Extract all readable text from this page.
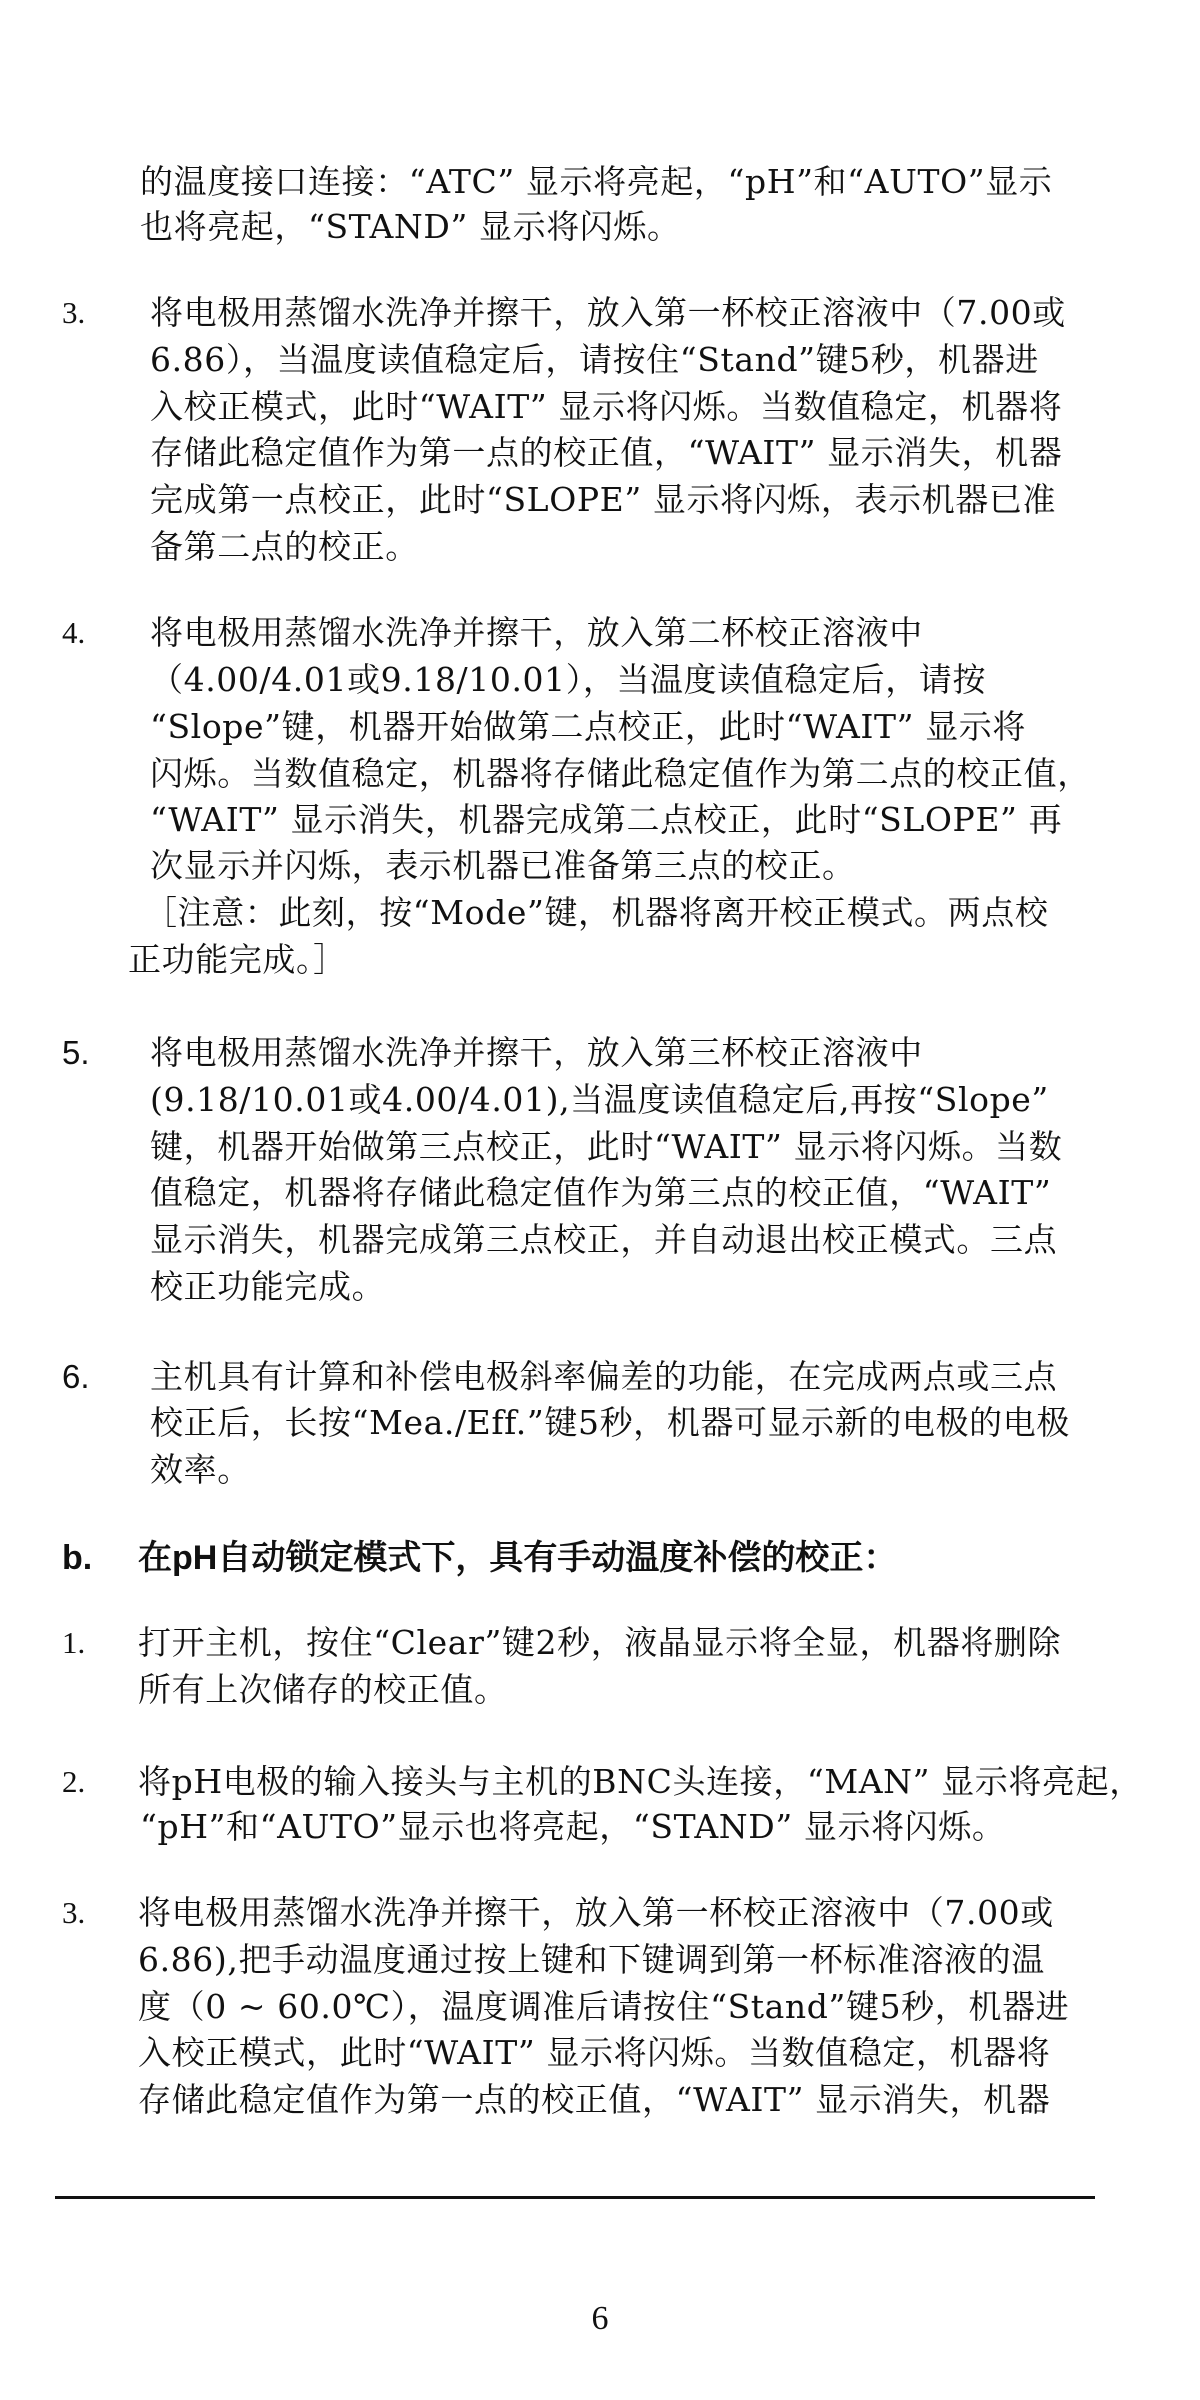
的温度接口连接：“ATC” 显示将亮起，“pH”和“AUTO”显示
也将亮起，“STAND” 显示将闪烁。
3. 将电极用蒸馏水洗净并擦干，放入第一杯校正溶液中（7.00或
6.86），当温度读值稳定后，请按住“Stand”键5秒，机器进
入校正模式，此时“WAIT” 显示将闪烁。当数值稳定，机器将
存储此稳定值作为第一点的校正值，“WAIT” 显示消失，机器
完成第一点校正，此时“SLOPE” 显示将闪烁，表示机器已准
备第二点的校正。
4. 将电极用蒸馏水洗净并擦干，放入第二杯校正溶液中
（4.00/4.01或9.18/10.01），当温度读值稳定后，请按
“Slope”键，机器开始做第二点校正，此时“WAIT” 显示将
闪烁。当数值稳定，机器将存储此稳定值作为第二点的校正值，
“WAIT” 显示消失，机器完成第二点校正，此时“SLOPE” 再
次显示并闪烁，表示机器已准备第三点的校正。
［注意：此刻，按“Mode”键，机器将离开校正模式。两点校
正功能完成。］
5. 将电极用蒸馏水洗净并擦干，放入第三杯校正溶液中
(9.18/10.01或4.00/4.01),当温度读值稳定后,再按“Slope”
键，机器开始做第三点校正，此时“WAIT” 显示将闪烁。当数
值稳定，机器将存储此稳定值作为第三点的校正值，“WAIT”
显示消失，机器完成第三点校正，并自动退出校正模式。三点
校正功能完成。
6. 主机具有计算和补偿电极斜率偏差的功能，在完成两点或三点
校正后，长按“Mea./Eff.”键5秒，机器可显示新的电极的电极
效率。
b. 在pH自动锁定模式下，具有手动温度补偿的校正：
1. 打开主机，按住“Clear”键2秒，液晶显示将全显，机器将删除
所有上次储存的校正值。
2. 将pH电极的输入接头与主机的BNC头连接，“MAN” 显示将亮起，
“pH”和“AUTO”显示也将亮起，“STAND” 显示将闪烁。
3. 将电极用蒸馏水洗净并擦干，放入第一杯校正溶液中（7.00或
6.86),把手动温度通过按上键和下键调到第一杯标准溶液的温
度（0 ~ 60.0℃），温度调准后请按住“Stand”键5秒，机器进
入校正模式，此时“WAIT” 显示将闪烁。当数值稳定，机器将
存储此稳定值作为第一点的校正值，“WAIT” 显示消失，机器
6
